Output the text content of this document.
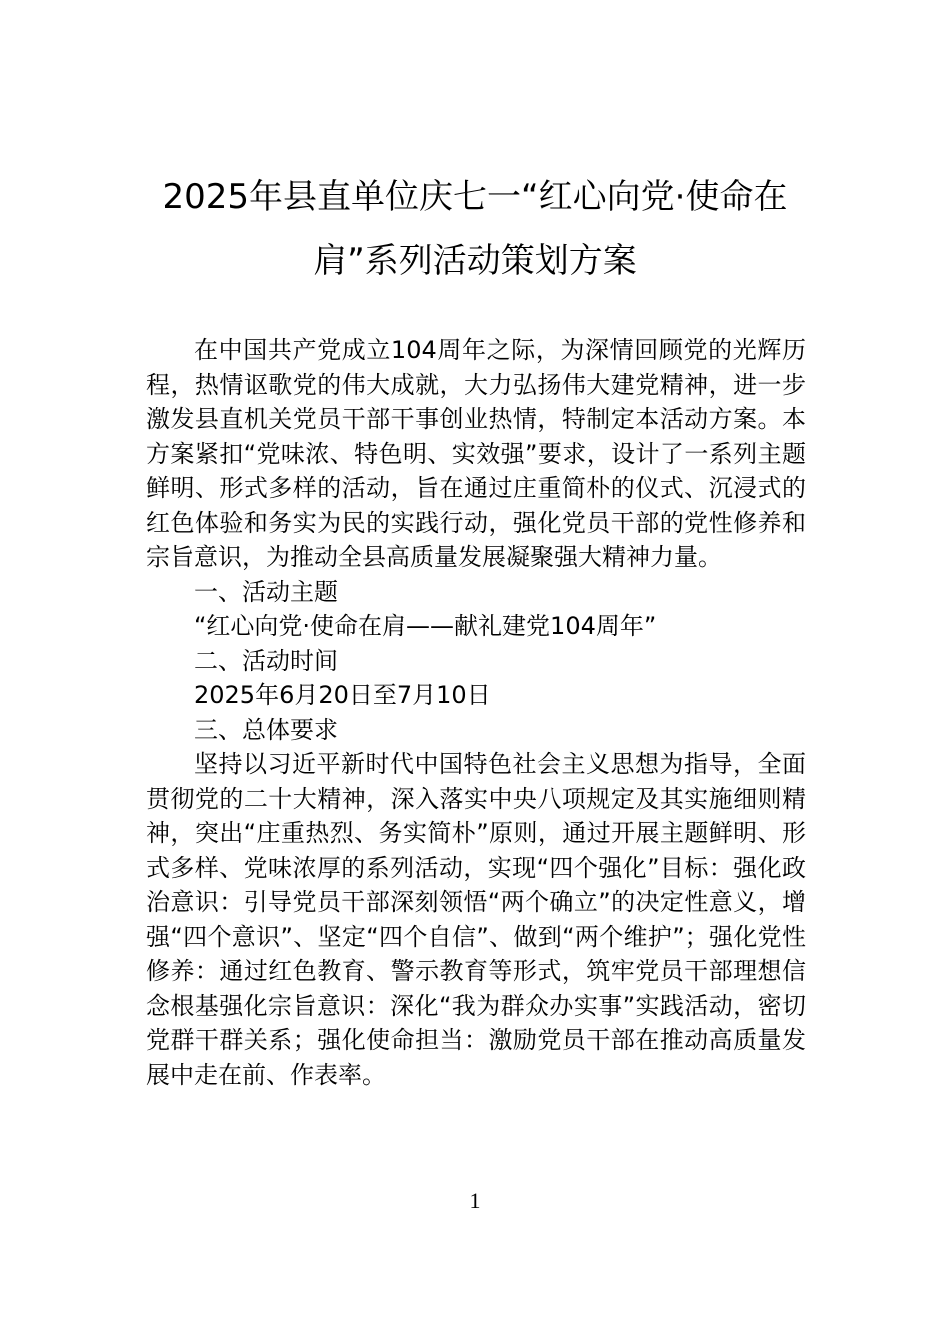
2025年县直单位庆七一“红心向党·使命在
肩”系列活动策划方案

在中国共产党成立104周年之际，为深情回顾党的光辉历程，热情讴歌党的伟大成就，大力弘扬伟大建党精神，进一步激发县直机关党员干部干事创业热情，特制定本活动方案。本方案紧扣“党味浓、特色明、实效强”要求，设计了一系列主题鲜明、形式多样的活动，旨在通过庄重简朴的仪式、沉浸式的红色体验和务实为民的实践行动，强化党员干部的党性修养和宗旨意识，为推动全县高质量发展凝聚强大精神力量。

一、活动主题

“红心向党·使命在肩——献礼建党104周年”

二、活动时间

2025年6月20日至7月10日

三、总体要求

坚持以习近平新时代中国特色社会主义思想为指导，全面贯彻党的二十大精神，深入落实中央八项规定及其实施细则精神，突出“庄重热烈、务实简朴”原则，通过开展主题鲜明、形式多样、党味浓厚的系列活动，实现“四个强化”目标：强化政治意识：引导党员干部深刻领悟“两个确立”的决定性意义，增强“四个意识”、坚定“四个自信”、做到“两个维护”；强化党性修养：通过红色教育、警示教育等形式，筑牢党员干部理想信念根基强化宗旨意识：深化“我为群众办实事”实践活动，密切党群干群关系；强化使命担当：激励党员干部在推动高质量发展中走在前、作表率。

1
